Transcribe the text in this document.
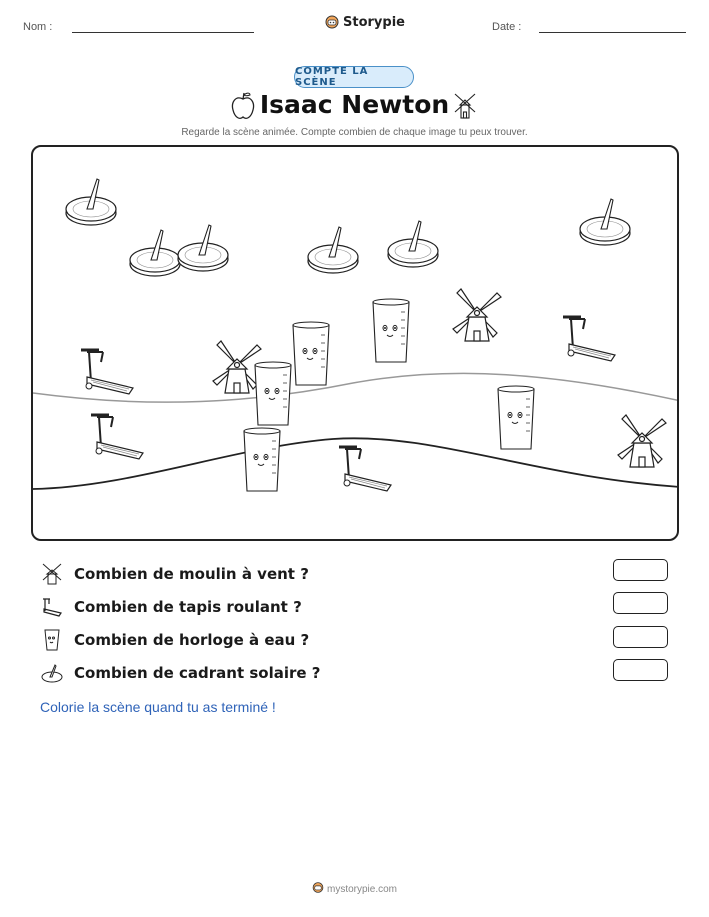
Nom :	Storypie	Date :
COMPTE LA SCÈNE
Isaac Newton
Regarde la scène animée. Compte combien de chaque image tu peux trouver.
Combien de moulin à vent ?
Combien de tapis roulant ?
Combien de horloge à eau ?
Combien de cadrant solaire ?
Colorie la scène quand tu as terminé !
mystorypie.com
